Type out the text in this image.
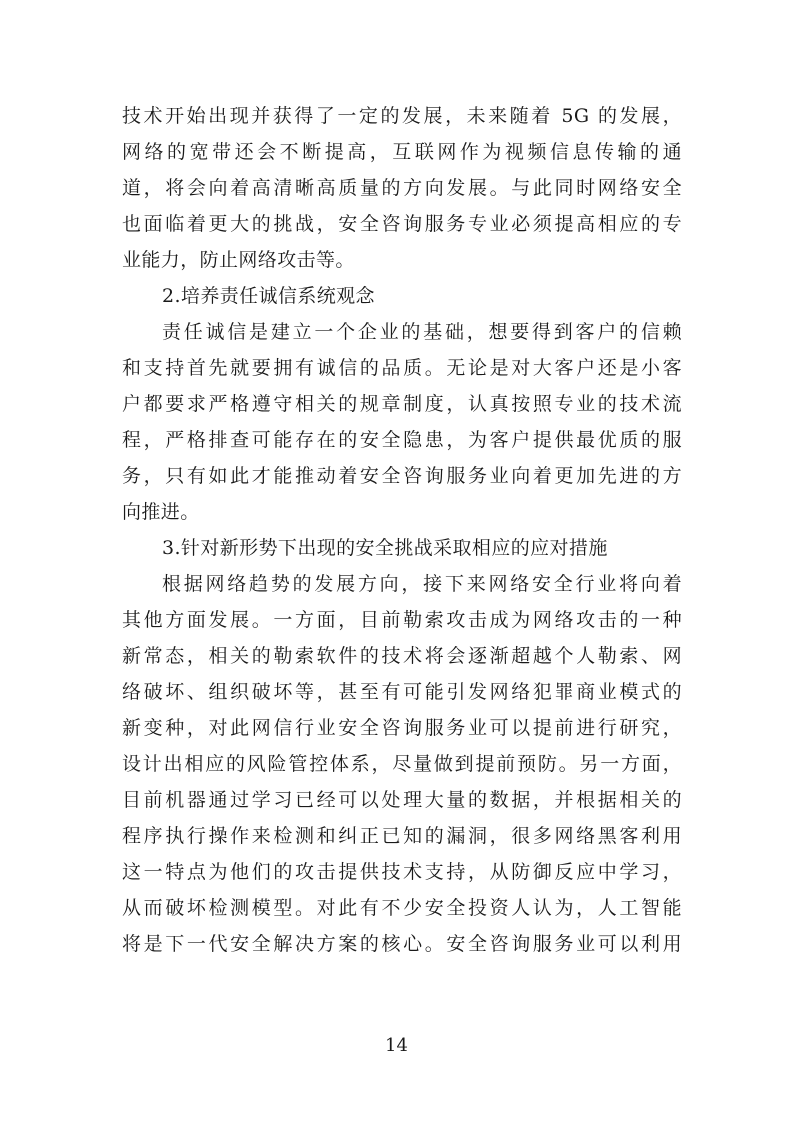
技术开始出现并获得了一定的发展，未来随着 5G 的发展，
网络的宽带还会不断提高，互联网作为视频信息传输的通
道，将会向着高清晰高质量的方向发展。与此同时网络安全
也面临着更大的挑战，安全咨询服务专业必须提高相应的专
业能力，防止网络攻击等。
2.培养责任诚信系统观念
责任诚信是建立一个企业的基础，想要得到客户的信赖
和支持首先就要拥有诚信的品质。无论是对大客户还是小客
户都要求严格遵守相关的规章制度，认真按照专业的技术流
程，严格排查可能存在的安全隐患，为客户提供最优质的服
务，只有如此才能推动着安全咨询服务业向着更加先进的方
向推进。
3.针对新形势下出现的安全挑战采取相应的应对措施
根据网络趋势的发展方向，接下来网络安全行业将向着
其他方面发展。一方面，目前勒索攻击成为网络攻击的一种
新常态，相关的勒索软件的技术将会逐渐超越个人勒索、网
络破坏、组织破坏等，甚至有可能引发网络犯罪商业模式的
新变种，对此网信行业安全咨询服务业可以提前进行研究，
设计出相应的风险管控体系，尽量做到提前预防。另一方面，
目前机器通过学习已经可以处理大量的数据，并根据相关的
程序执行操作来检测和纠正已知的漏洞，很多网络黑客利用
这一特点为他们的攻击提供技术支持，从防御反应中学习，
从而破坏检测模型。对此有不少安全投资人认为，人工智能
将是下一代安全解决方案的核心。安全咨询服务业可以利用
14
